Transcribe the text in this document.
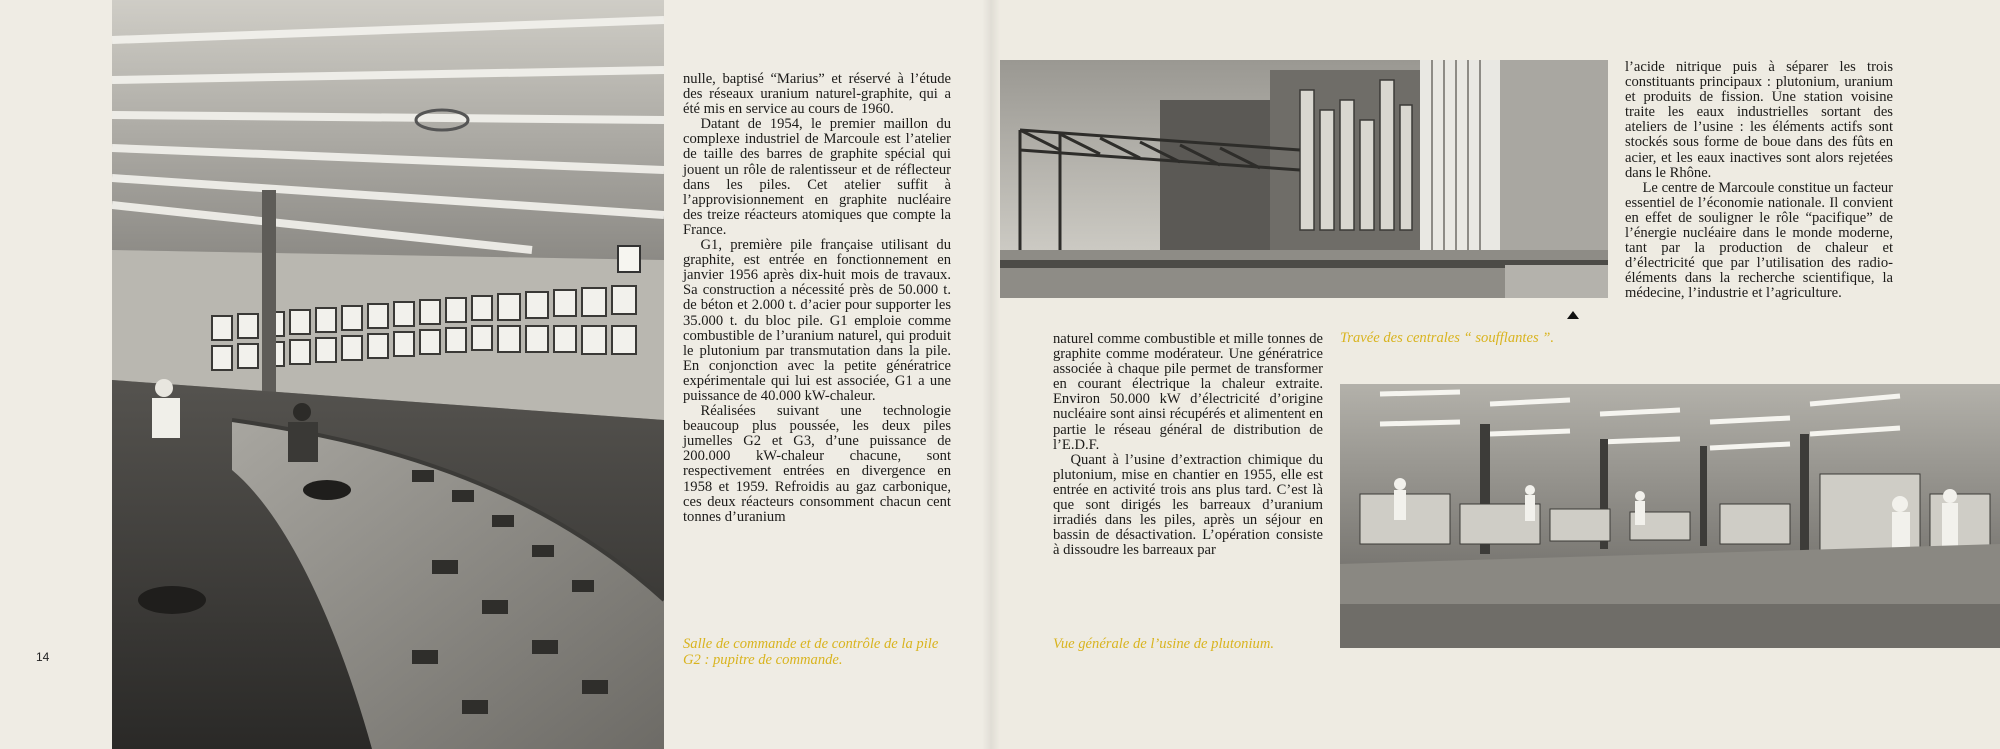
14

nulle, baptisé “Marius” et réservé à l’étude des réseaux uranium naturel-graphite, qui a été mis en service au cours de 1960.

Datant de 1954, le premier maillon du complexe industriel de Marcoule est l’atelier de taille des barres de graphite spécial qui jouent un rôle de ralentisseur et de réflecteur dans les piles. Cet atelier suffit à l’approvisionnement en graphite nucléaire des treize réacteurs atomiques que compte la France.

G1, première pile française utilisant du graphite, est entrée en fonctionnement en janvier 1956 après dix-huit mois de travaux. Sa construction a nécessité près de 50.000 t. de béton et 2.000 t. d’acier pour supporter les 35.000 t. du bloc pile. G1 emploie comme combustible de l’uranium naturel, qui produit le plutonium par transmutation dans la pile. En conjonction avec la petite génératrice expérimentale qui lui est associée, G1 a une puissance de 40.000 kW-chaleur.

Réalisées suivant une technologie beaucoup plus poussée, les deux piles jumelles G2 et G3, d’une puissance de 200.000 kW-chaleur chacune, sont respectivement entrées en divergence en 1958 et 1959. Refroidis au gaz carbonique, ces deux réacteurs consomment chacun cent tonnes d’uranium

Salle de commande et de contrôle de la pile G2 : pupitre de commande.
Travée des centrales “ soufflantes ”.

naturel comme combustible et mille tonnes de graphite comme modérateur. Une génératrice associée à chaque pile permet de transformer en courant électrique la chaleur extraite. Environ 50.000 kW d’électricité d’origine nucléaire sont ainsi récupérés et alimentent en partie le réseau général de distribution de l’E.D.F.

Quant à l’usine d’extraction chimique du plutonium, mise en chantier en 1955, elle est entrée en activité trois ans plus tard. C’est là que sont dirigés les barreaux d’uranium irradiés dans les piles, après un séjour en bassin de désactivation. L’opération consiste à dissoudre les barreaux par

Vue générale de l’usine de plutonium.

l’acide nitrique puis à séparer les trois constituants principaux : plutonium, uranium et produits de fission. Une station voisine traite les eaux industrielles sortant des ateliers de l’usine : les éléments actifs sont stockés sous forme de boue dans des fûts en acier, et les eaux inactives sont alors rejetées dans le Rhône.

Le centre de Marcoule constitue un facteur essentiel de l’économie nationale. Il convient en effet de souligner le rôle “pacifique” de l’énergie nucléaire dans le monde moderne, tant par la production de chaleur et d’électricité que par l’utilisation des radio-éléments dans la recherche scientifique, la médecine, l’industrie et l’agriculture.
